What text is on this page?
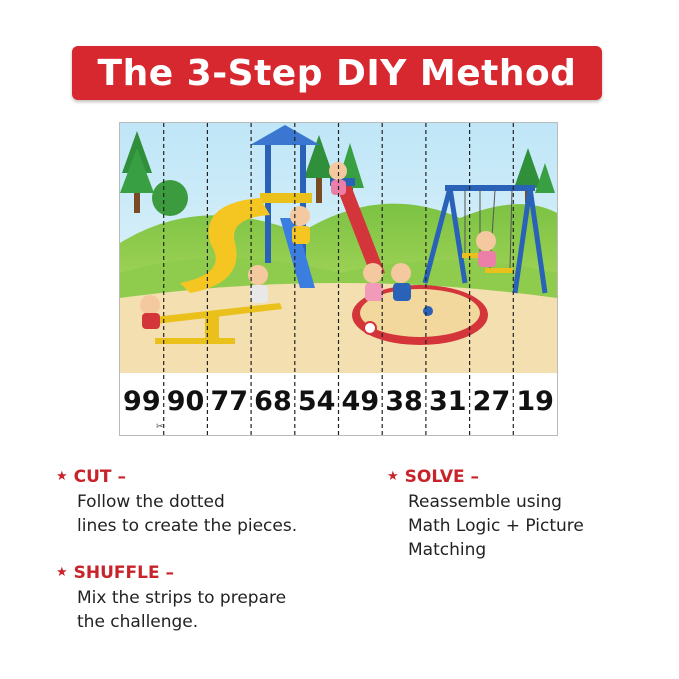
The 3-Step DIY Method
99 90 77 68 54 49 38 31 27 19
✂
★ CUT –
Follow the dotted
lines to create the pieces.
★ SHUFFLE –
Mix the strips to prepare
the challenge.
★ SOLVE –
Reassemble using
Math Logic + Picture
Matching
